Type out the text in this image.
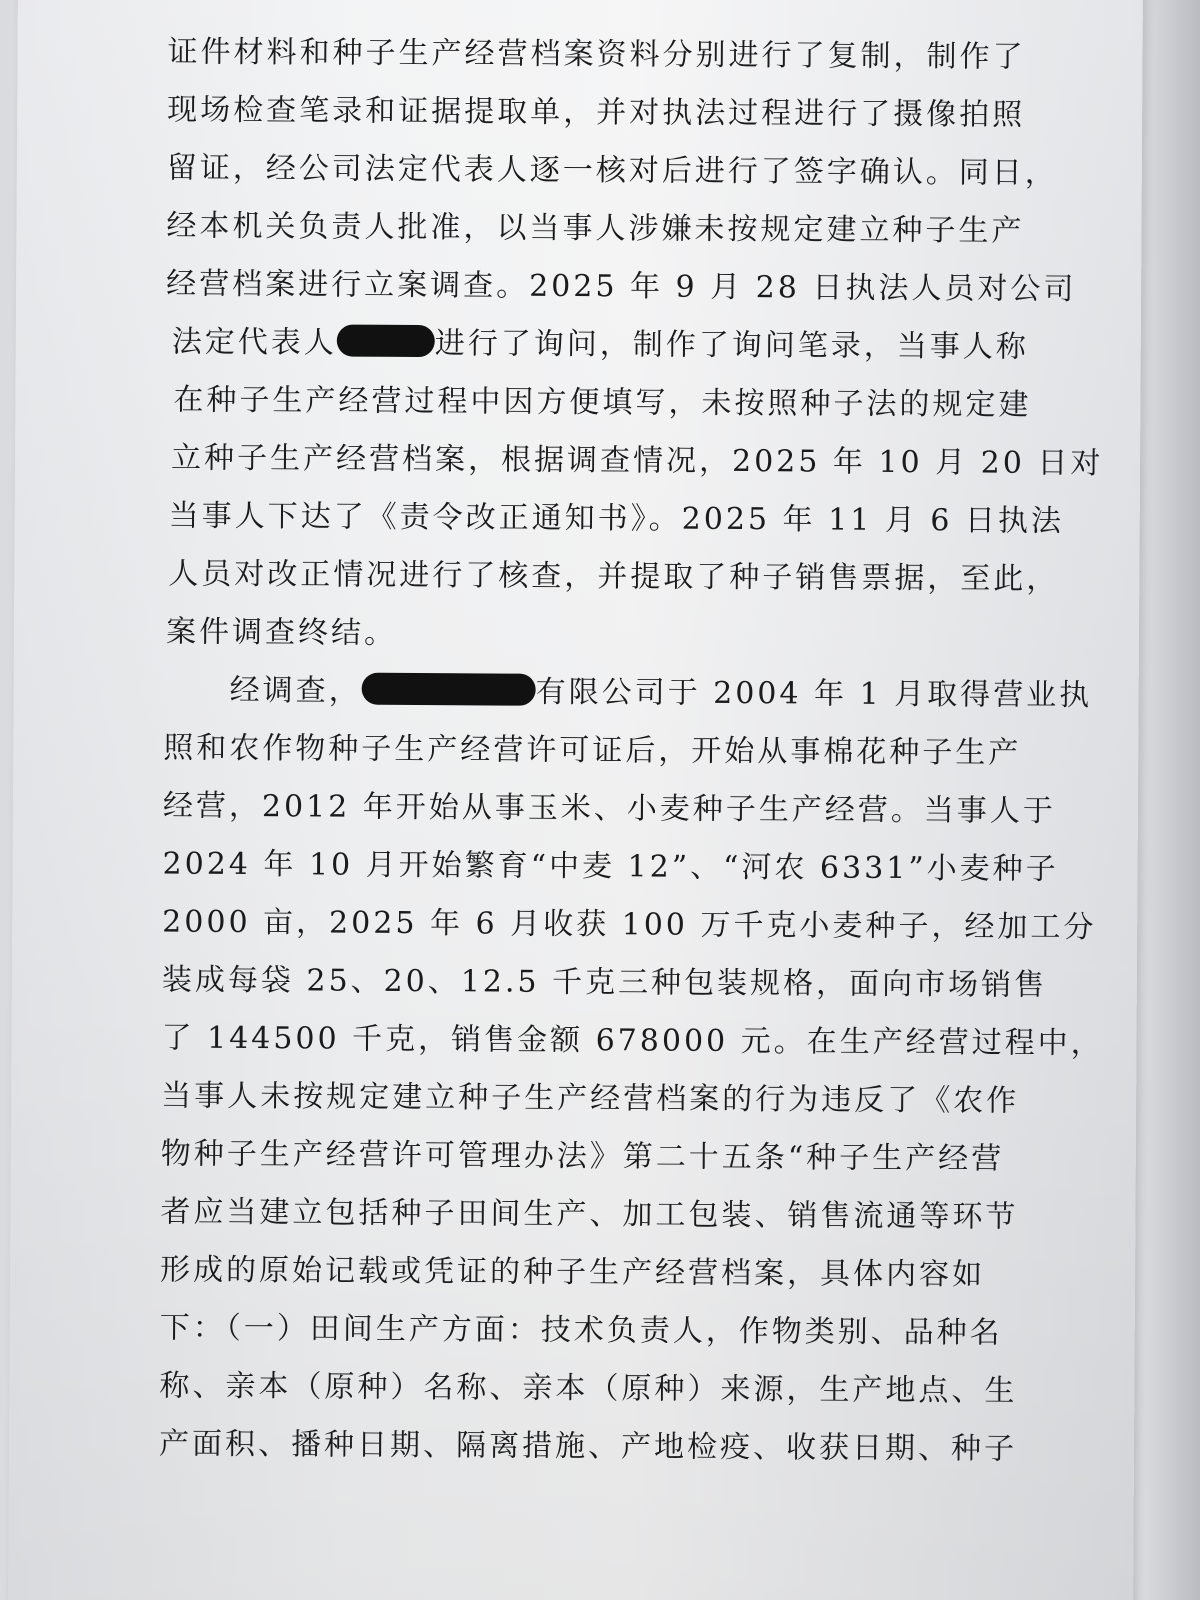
证件材料和种子生产经营档案资料分别进行了复制，制作了

现场检查笔录和证据提取单，并对执法过程进行了摄像拍照

留证，经公司法定代表人逐一核对后进行了签字确认。同日，

经本机关负责人批准，以当事人涉嫌未按规定建立种子生产

经营档案进行立案调查。2025 年 9 月 28 日执法人员对公司

法定代表人	进行了询问，制作了询问笔录，当事人称

在种子生产经营过程中因方便填写，未按照种子法的规定建

立种子生产经营档案，根据调查情况，2025 年 10 月 20 日对

当事人下达了《责令改正通知书》。2025 年 11 月 6 日执法

人员对改正情况进行了核查，并提取了种子销售票据，至此，

案件调查终结。

经调查，	有限公司于 2004 年 1 月取得营业执

照和农作物种子生产经营许可证后，开始从事棉花种子生产

经营，2012 年开始从事玉米、小麦种子生产经营。当事人于

2024 年 10 月开始繁育“中麦 12”、“河农 6331”小麦种子

2000 亩，2025 年 6 月收获 100 万千克小麦种子，经加工分

装成每袋 25、20、12.5 千克三种包装规格，面向市场销售

了 144500 千克，销售金额 678000 元。在生产经营过程中，

当事人未按规定建立种子生产经营档案的行为违反了《农作

物种子生产经营许可管理办法》第二十五条“种子生产经营

者应当建立包括种子田间生产、加工包装、销售流通等环节

形成的原始记载或凭证的种子生产经营档案，具体内容如

下：（一）田间生产方面：技术负责人，作物类别、品种名

称、亲本（原种）名称、亲本（原种）来源，生产地点、生

产面积、播种日期、隔离措施、产地检疫、收获日期、种子
